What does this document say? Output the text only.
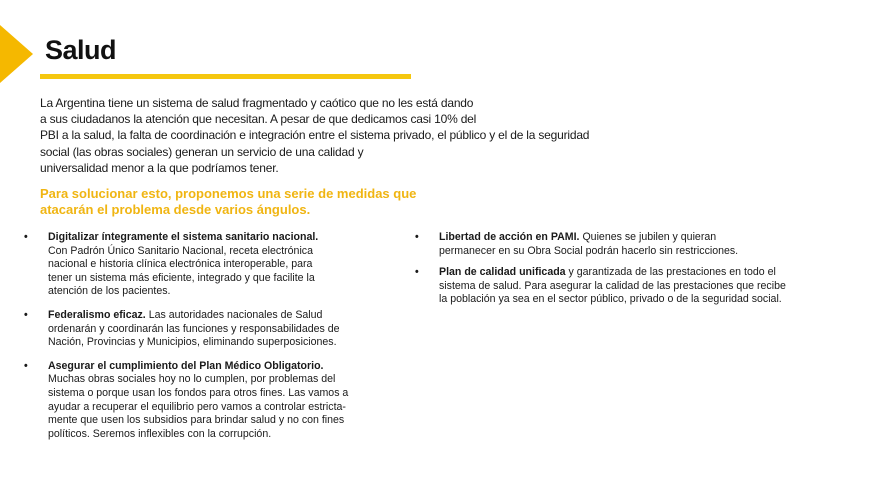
Salud
La Argentina tiene un sistema de salud fragmentado y caótico que no les está dando
a sus ciudadanos la atención que necesitan. A pesar de que dedicamos casi 10% del
PBI a la salud, la falta de coordinación e integración entre el sistema privado, el público y el de la seguridad
social (las obras sociales) generan un servicio de una calidad y
universalidad menor a la que podríamos tener.
Para solucionar esto, proponemos una serie de medidas que
atacarán el problema desde varios ángulos.
• Digitalizar íntegramente el sistema sanitario nacional.
Con Padrón Único Sanitario Nacional, receta electrónica
nacional e historia clínica electrónica interoperable, para
tener un sistema más eficiente, integrado y que facilite la
atención de los pacientes.
• Federalismo eficaz. Las autoridades nacionales de Salud
ordenarán y coordinarán las funciones y responsabilidades de
Nación, Provincias y Municipios, eliminando superposiciones.
• Asegurar el cumplimiento del Plan Médico Obligatorio.
Muchas obras sociales hoy no lo cumplen, por problemas del
sistema o porque usan los fondos para otros fines. Las vamos a
ayudar a recuperar el equilibrio pero vamos a controlar estricta-
mente que usen los subsidios para brindar salud y no con fines
políticos. Seremos inflexibles con la corrupción.
• Libertad de acción en PAMI. Quienes se jubilen y quieran
permanecer en su Obra Social podrán hacerlo sin restricciones.
• Plan de calidad unificada y garantizada de las prestaciones en todo el
sistema de salud. Para asegurar la calidad de las prestaciones que recibe
la población ya sea en el sector público, privado o de la seguridad social.
